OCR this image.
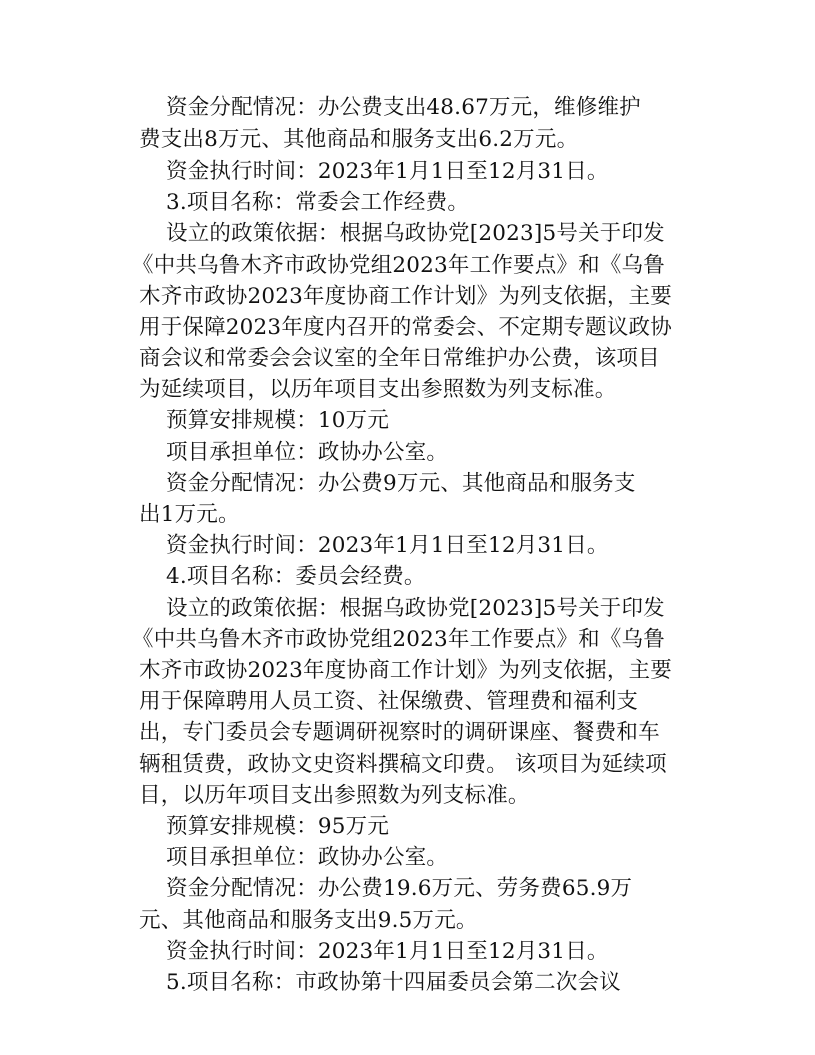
资金分配情况：办公费支出48.67万元，维修维护
费支出8万元、其他商品和服务支出6.2万元。
资金执行时间：2023年1月1日至12月31日。
3.项目名称：常委会工作经费。
设立的政策依据：根据乌政协党[2023]5号关于印发
《中共乌鲁木齐市政协党组2023年工作要点》和《乌鲁
木齐市政协2023年度协商工作计划》为列支依据，主要
用于保障2023年度内召开的常委会、不定期专题议政协
商会议和常委会会议室的全年日常维护办公费，该项目
为延续项目，以历年项目支出参照数为列支标准。
预算安排规模：10万元
项目承担单位：政协办公室。
资金分配情况：办公费9万元、其他商品和服务支
出1万元。
资金执行时间：2023年1月1日至12月31日。
4.项目名称：委员会经费。
设立的政策依据：根据乌政协党[2023]5号关于印发
《中共乌鲁木齐市政协党组2023年工作要点》和《乌鲁
木齐市政协2023年度协商工作计划》为列支依据，主要
用于保障聘用人员工资、社保缴费、管理费和福利支
出，专门委员会专题调研视察时的调研课座、餐费和车
辆租赁费，政协文史资料撰稿文印费。 该项目为延续项
目，以历年项目支出参照数为列支标准。
预算安排规模：95万元
项目承担单位：政协办公室。
资金分配情况：办公费19.6万元、劳务费65.9万
元、其他商品和服务支出9.5万元。
资金执行时间：2023年1月1日至12月31日。
5.项目名称：市政协第十四届委员会第二次会议
